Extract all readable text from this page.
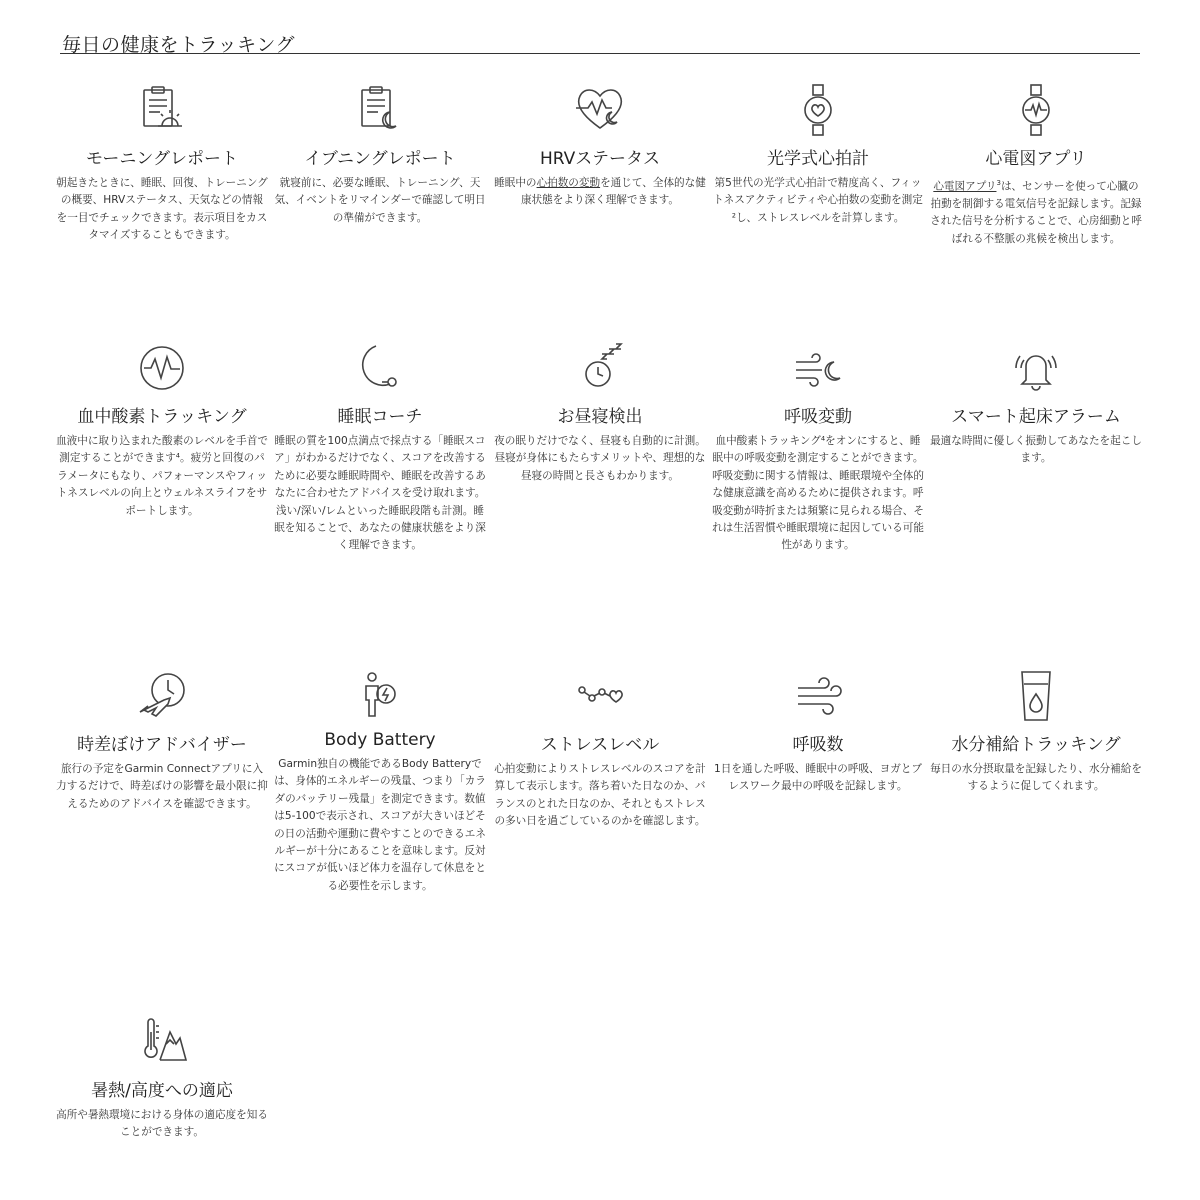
毎日の健康をトラッキング
モーニングレポート
朝起きたときに、睡眠、回復、トレーニングの概要、HRVステータス、天気などの情報を一目でチェックできます。表示項目をカスタマイズすることもできます。
イブニングレポート
就寝前に、必要な睡眠、トレーニング、天気、イベントをリマインダーで確認して明日の準備ができます。
HRVステータス
睡眠中の心拍数の変動を通じて、全体的な健康状態をより深く理解できます。
光学式心拍計
第5世代の光学式心拍計で精度高く、フィットネスアクティビティや心拍数の変動を測定²し、ストレスレベルを計算します。
心電図アプリ
心電図アプリ$^3$は、センサーを使って心臓の拍動を制御する電気信号を記録します。記録された信号を分析することで、心房細動と呼ばれる不整脈の兆候を検出します。
血中酸素トラッキング
血液中に取り込まれた酸素のレベルを手首で測定することができます⁴。疲労と回復のパラメータにもなり、パフォーマンスやフィットネスレベルの向上とウェルネスライフをサポートします。
睡眠コーチ
睡眠の質を100点満点で採点する「睡眠スコア」がわかるだけでなく、スコアを改善するために必要な睡眠時間や、睡眠を改善するあなたに合わせたアドバイスを受け取れます。浅い/深い/レムといった睡眠段階も計測。睡眠を知ることで、あなたの健康状態をより深く理解できます。
お昼寝検出
夜の眠りだけでなく、昼寝も自動的に計測。昼寝が身体にもたらすメリットや、理想的な昼寝の時間と長さもわかります。
呼吸変動
血中酸素トラッキング⁴をオンにすると、睡眠中の呼吸変動を測定することができます。呼吸変動に関する情報は、睡眠環境や全体的な健康意識を高めるために提供されます。呼吸変動が時折または頻繁に見られる場合、それは生活習慣や睡眠環境に起因している可能性があります。
スマート起床アラーム
最適な時間に優しく振動してあなたを起こします。
時差ぼけアドバイザー
旅行の予定をGarmin Connectアプリに入力するだけで、時差ぼけの影響を最小限に抑えるためのアドバイスを確認できます。
Body Battery
Garmin独自の機能であるBody Batteryでは、身体的エネルギーの残量、つまり「カラダのバッテリー残量」を測定できます。数値は5-100で表示され、スコアが大きいほどその日の活動や運動に費やすことのできるエネルギーが十分にあることを意味します。反対にスコアが低いほど体力を温存して休息をとる必要性を示します。
ストレスレベル
心拍変動によりストレスレベルのスコアを計算して表示します。落ち着いた日なのか、バランスのとれた日なのか、それともストレスの多い日を過ごしているのかを確認します。
呼吸数
1日を通した呼吸、睡眠中の呼吸、ヨガとブレスワーク最中の呼吸を記録します。
水分補給トラッキング
毎日の水分摂取量を記録したり、水分補給をするように促してくれます。
暑熱/高度への適応
高所や暑熱環境における身体の適応度を知ることができます。
